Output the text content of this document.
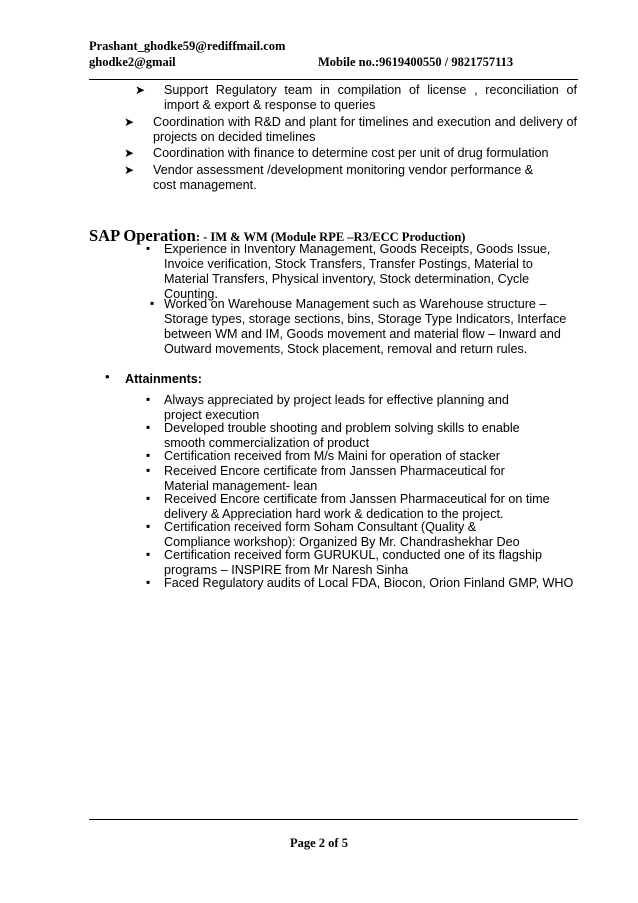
Prashant_ghodke59@rediffmail.com
ghodke2@gmail	Mobile no.:9619400550 / 9821757113
➤ Support Regulatory team in compilation of license , reconciliation of import & export & response to queries
➤ Coordination with R&D and plant for timelines and execution and delivery of projects on decided timelines
➤ Coordination with finance to determine cost per unit of drug formulation
➤ Vendor assessment /development monitoring vendor performance & cost management.
SAP Operation: - IM & WM (Module RPE –R3/ECC Production)
▪ Experience in Inventory Management, Goods Receipts, Goods Issue, Invoice verification, Stock Transfers, Transfer Postings, Material to Material Transfers, Physical inventory, Stock determination, Cycle Counting.
▪ Worked on Warehouse Management such as Warehouse structure – Storage types, storage sections, bins, Storage Type Indicators, Interface between WM and IM, Goods movement and material flow – Inward and Outward movements, Stock placement, removal and return rules.
• Attainments:
▪ Always appreciated by project leads for effective planning and project execution
▪ Developed trouble shooting and problem solving skills to enable smooth commercialization of product
▪ Certification received from M/s Maini for operation of stacker
▪ Received Encore certificate from Janssen Pharmaceutical for Material management- lean
▪ Received Encore certificate from Janssen Pharmaceutical for on time delivery & Appreciation hard work & dedication to the project.
▪ Certification received form Soham Consultant (Quality & Compliance workshop): Organized By Mr. Chandrashekhar Deo
▪ Certification received form GURUKUL, conducted one of its flagship programs – INSPIRE from Mr Naresh Sinha
▪ Faced Regulatory audits of Local FDA, Biocon, Orion Finland GMP, WHO
Page 2 of 5
